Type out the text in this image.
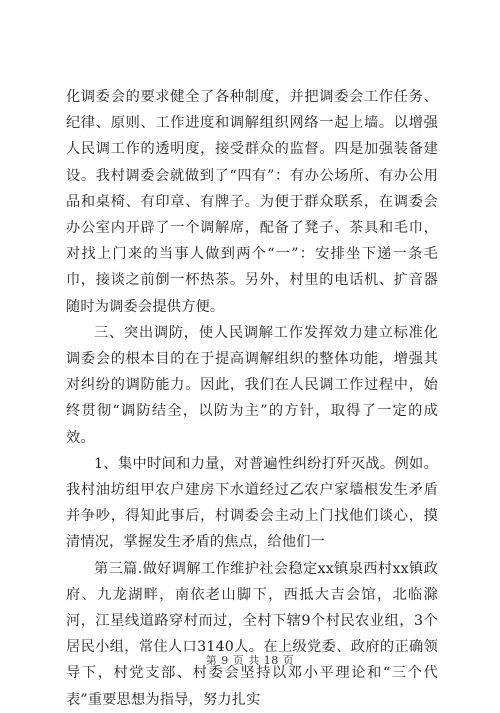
化调委会的要求健全了各种制度，并把调委会工作任务、纪律、原则、工作进度和调解组织网络一起上墙。以增强人民调工作的透明度，接受群众的监督。四是加强装备建设。我村调委会就做到了“四有”：有办公场所、有办公用品和桌椅、有印章、有牌子。为便于群众联系，在调委会办公室内开辟了一个调解席，配备了凳子、茶具和毛巾，对找上门来的当事人做到两个“一”：安排坐下递一条毛巾，接谈之前倒一杯热茶。另外，村里的电话机、扩音器随时为调委会提供方便。

三、突出调防，使人民调解工作发挥效力建立标准化调委会的根本目的在于提高调解组织的整体功能，增强其对纠纷的调防能力。因此，我们在人民调工作过程中，始终贯彻“调防结全，以防为主”的方针，取得了一定的成效。

1、集中时间和力量，对普遍性纠纷打歼灭战。例如。我村油坊组甲农户建房下水道经过乙农户家墙根发生矛盾并争吵，得知此事后，村调委会主动上门找他们谈心，摸清情况，掌握发生矛盾的焦点，给他们一

第三篇.做好调解工作维护社会稳定xx镇泉西村xx镇政府、九龙湖畔，南依老山脚下，西抵大吉会馆，北临滁河，江星线道路穿村而过，全村下辖9个村民农业组，3个居民小组，常住人口3140人。在上级党委、政府的正确领导下，村党支部、村委会坚持以邓小平理论和“三个代表”重要思想为指导，努力扎实

第 9 页 共 18 页
